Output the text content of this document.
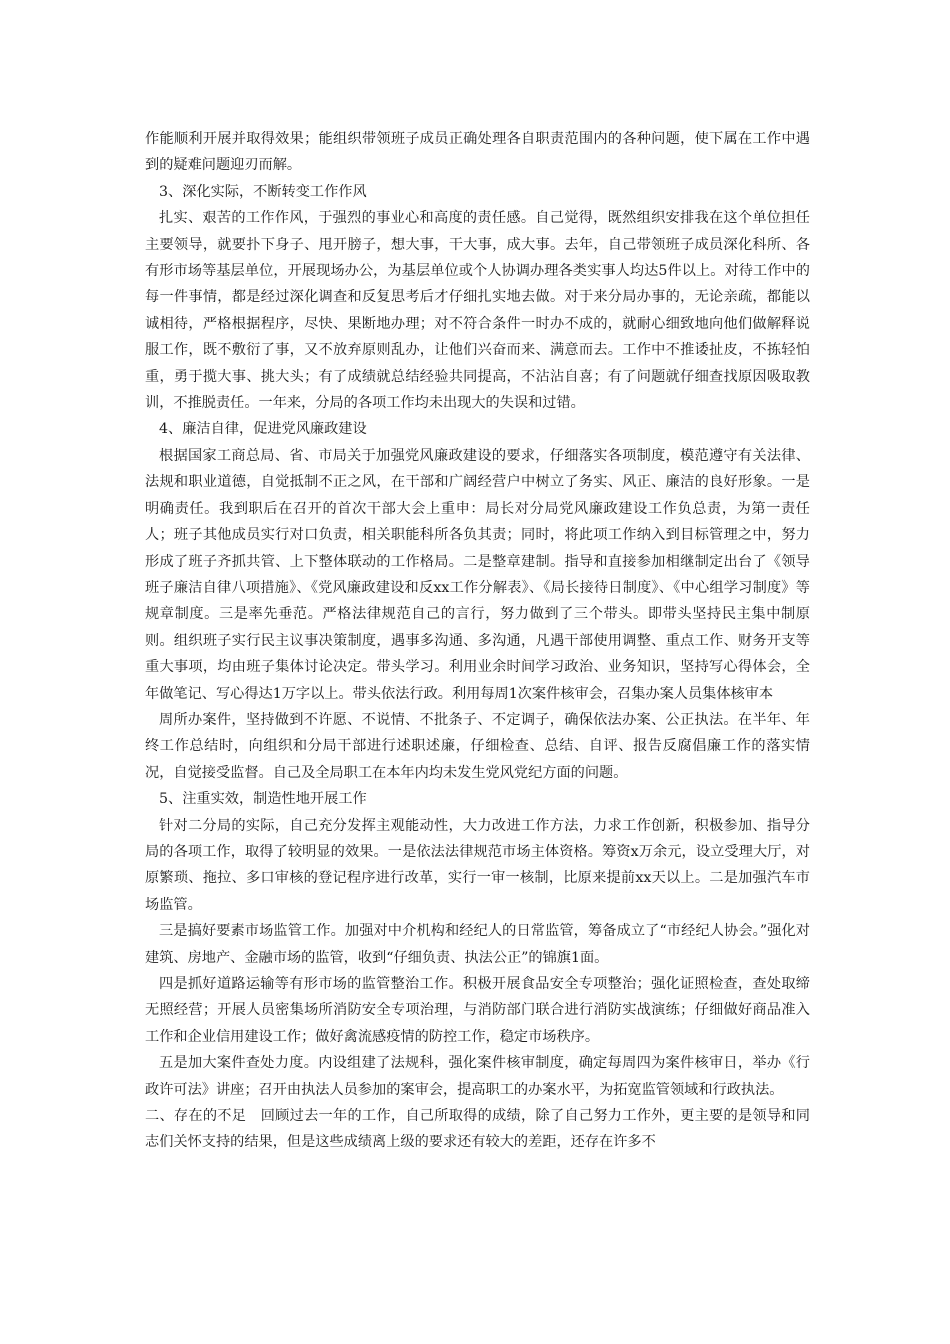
作能顺利开展并取得效果；能组织带领班子成员正确处理各自职责范围内的各种问题，使下属在工作中遇到的疑难问题迎刃而解。

3、深化实际，不断转变工作作风

扎实、艰苦的工作作风，于强烈的事业心和高度的责任感。自己觉得，既然组织安排我在这个单位担任主要领导，就要扑下身子、甩开膀子，想大事，干大事，成大事。去年，自己带领班子成员深化科所、各有形市场等基层单位，开展现场办公，为基层单位或个人协调办理各类实事人均达5件以上。对待工作中的每一件事情，都是经过深化调查和反复思考后才仔细扎实地去做。对于来分局办事的，无论亲疏，都能以诚相待，严格根据程序，尽快、果断地办理；对不符合条件一时办不成的，就耐心细致地向他们做解释说服工作，既不敷衍了事，又不放弃原则乱办，让他们兴奋而来、满意而去。工作中不推诿扯皮，不拣轻怕重，勇于揽大事、挑大头；有了成绩就总结经验共同提高，不沾沾自喜；有了问题就仔细查找原因吸取教训，不推脱责任。一年来，分局的各项工作均未出现大的失误和过错。

4、廉洁自律，促进党风廉政建设

根据国家工商总局、省、市局关于加强党风廉政建设的要求，仔细落实各项制度，模范遵守有关法律、法规和职业道德，自觉抵制不正之风，在干部和广阔经营户中树立了务实、风正、廉洁的良好形象。一是明确责任。我到职后在召开的首次干部大会上重申：局长对分局党风廉政建设工作负总责，为第一责任人；班子其他成员实行对口负责，相关职能科所各负其责；同时，将此项工作纳入到目标管理之中，努力形成了班子齐抓共管、上下整体联动的工作格局。二是整章建制。指导和直接参加相继制定出台了《领导班子廉洁自律八项措施》、《党风廉政建设和反xx工作分解表》、《局长接待日制度》、《中心组学习制度》等规章制度。三是率先垂范。严格法律规范自己的言行，努力做到了三个带头。即带头坚持民主集中制原则。组织班子实行民主议事决策制度，遇事多沟通、多沟通，凡遇干部使用调整、重点工作、财务开支等重大事项，均由班子集体讨论决定。带头学习。利用业余时间学习政治、业务知识，坚持写心得体会，全年做笔记、写心得达1万字以上。带头依法行政。利用每周1次案件核审会，召集办案人员集体核审本

周所办案件，坚持做到不许愿、不说情、不批条子、不定调子，确保依法办案、公正执法。在半年、年终工作总结时，向组织和分局干部进行述职述廉，仔细检查、总结、自评、报告反腐倡廉工作的落实情况，自觉接受监督。自己及全局职工在本年内均未发生党风党纪方面的问题。

5、注重实效，制造性地开展工作

针对二分局的实际，自己充分发挥主观能动性，大力改进工作方法，力求工作创新，积极参加、指导分局的各项工作，取得了较明显的效果。一是依法法律规范市场主体资格。筹资x万余元，设立受理大厅，对原繁琐、拖拉、多口审核的登记程序进行改革，实行一审一核制，比原来提前xx天以上。二是加强汽车市场监管。

三是搞好要素市场监管工作。加强对中介机构和经纪人的日常监管，筹备成立了“市经纪人协会。”强化对建筑、房地产、金融市场的监管，收到“仔细负责、执法公正”的锦旗1面。

四是抓好道路运输等有形市场的监管整治工作。积极开展食品安全专项整治；强化证照检查，查处取缔无照经营；开展人员密集场所消防安全专项治理，与消防部门联合进行消防实战演练；仔细做好商品准入工作和企业信用建设工作；做好禽流感疫情的防控工作，稳定市场秩序。

五是加大案件查处力度。内设组建了法规科，强化案件核审制度，确定每周四为案件核审日，举办《行政许可法》讲座；召开由执法人员参加的案审会，提高职工的办案水平，为拓宽监管领域和行政执法。

二、存在的不足　回顾过去一年的工作，自己所取得的成绩，除了自己努力工作外，更主要的是领导和同志们关怀支持的结果，但是这些成绩离上级的要求还有较大的差距，还存在许多不
